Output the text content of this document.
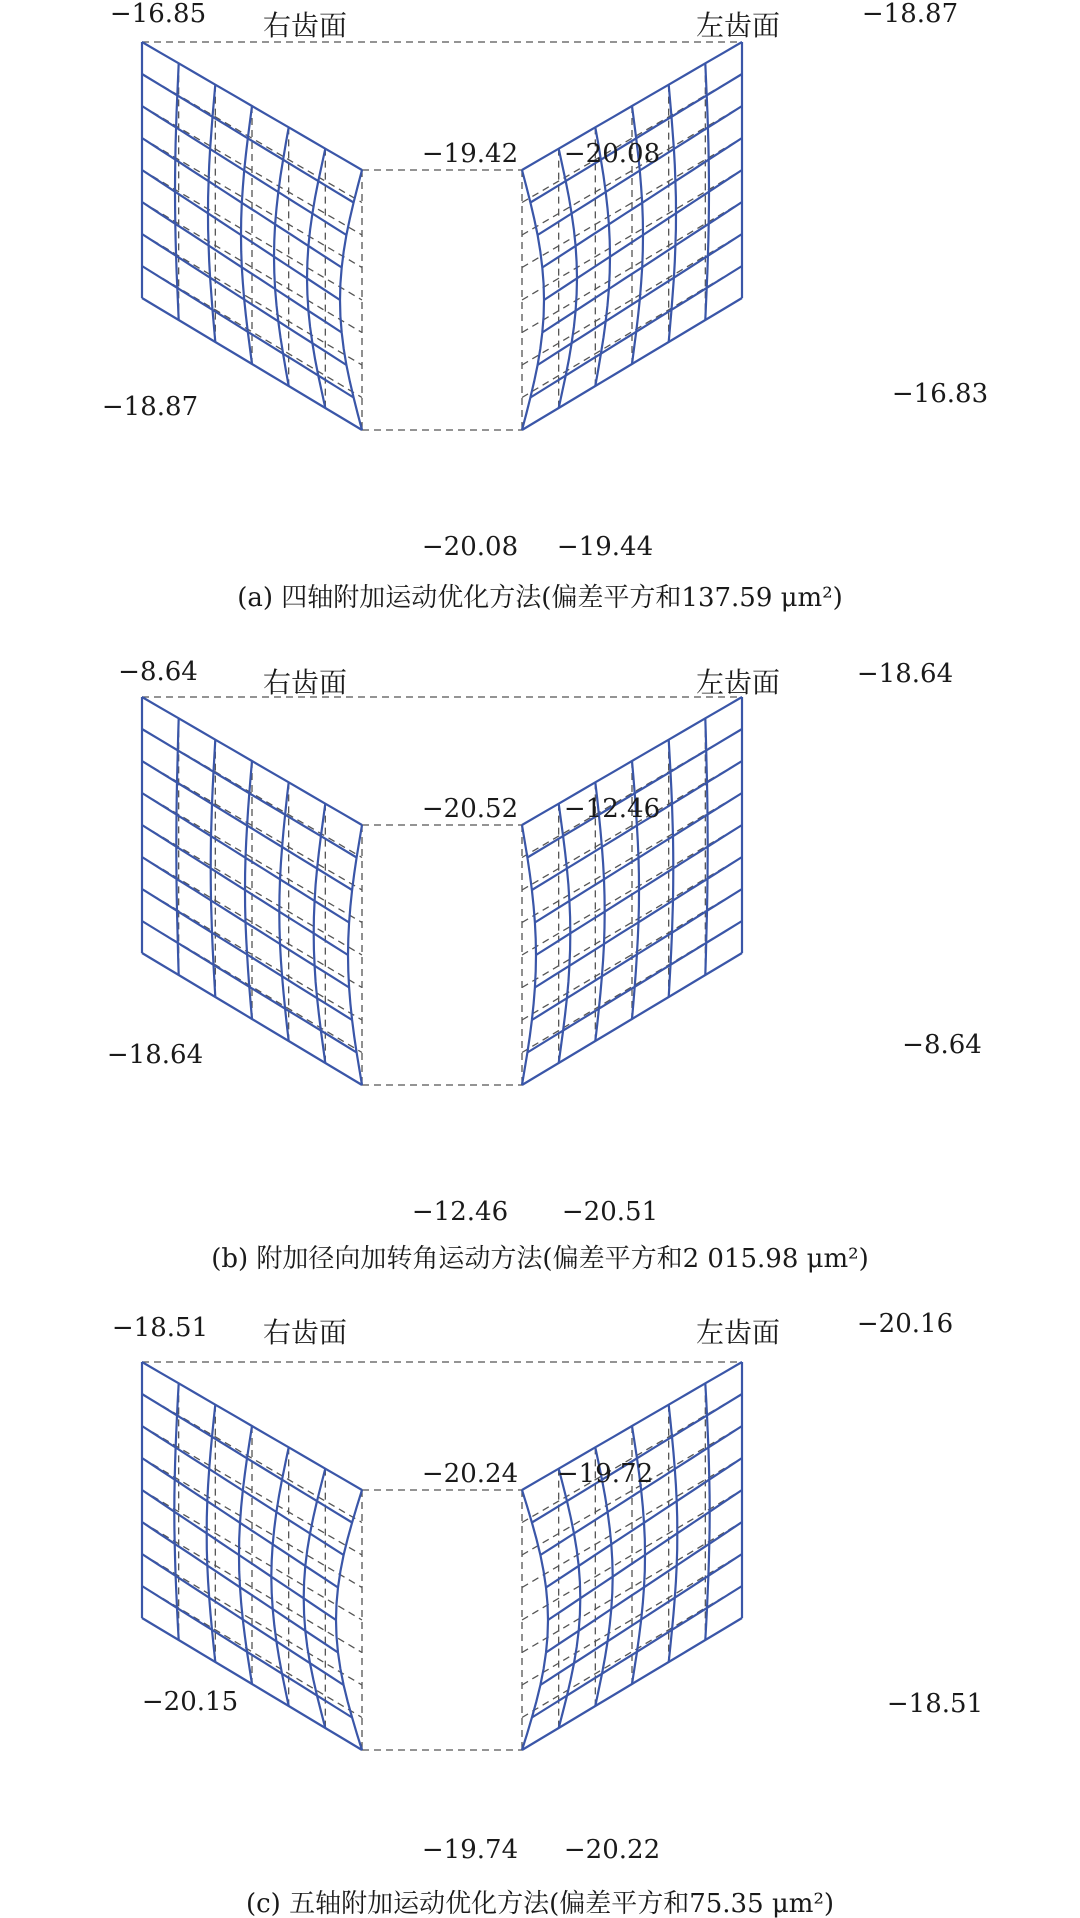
右齿面	左齿面
−16.85
−19.42
−18.87
−20.08
−20.08
−18.87
−19.44
−16.83
(a) 四轴附加运动优化方法(偏差平方和137.59 μm²)
右齿面	左齿面
−8.64
−20.52
−18.64
−12.46
−12.46
−18.64
−20.51
−8.64
(b) 附加径向加转角运动方法(偏差平方和2 015.98 μm²)
右齿面	左齿面
−18.51
−20.24
−20.15
−19.74
−19.72
−20.16
−20.22
−18.51
(c) 五轴附加运动优化方法(偏差平方和75.35 μm²)
